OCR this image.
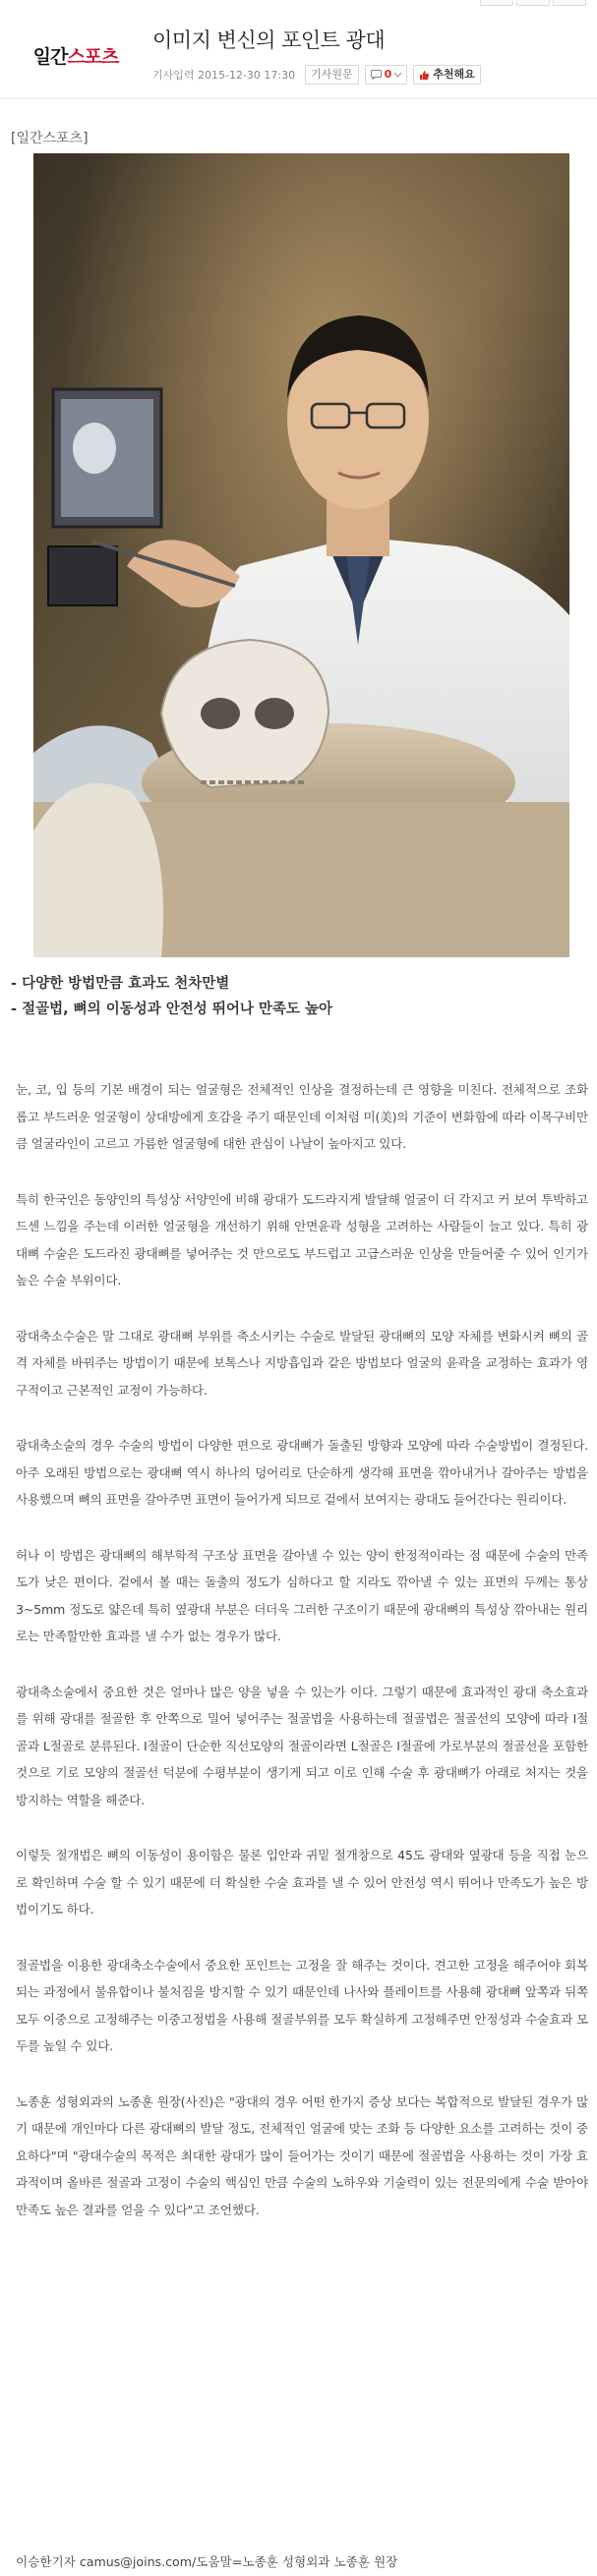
일간 스포츠
이미지 변신의 포인트 광대
기사입력 2015-12-30 17:30 기사원문	0	추천해요
[일간스포츠]
- 다양한 방법만큼 효과도 천차만별
- 절골법, 뼈의 이동성과 안전성 뛰어나 만족도 높아

눈, 코, 입 등의 기본 배경이 되는 얼굴형은 전체적인 인상을 결정하는데 큰 영향을 미친다. 전체적으로 조화롭고 부드러운 얼굴형이 상대방에게 호감을 주기 때문인데 이처럼 미(美)의 기준이 변화함에 따라 이목구비만큼 얼굴라인이 고르고 가름한 얼굴형에 대한 관심이 나날이 높아지고 있다.

특히 한국인은 동양인의 특성상 서양인에 비해 광대가 도드라지게 발달해 얼굴이 더 각지고 커 보여 투박하고 드센 느낌을 주는데 이러한 얼굴형을 개선하기 위해 안면윤곽 성형을 고려하는 사람들이 늘고 있다. 특히 광대뼈 수술은 도드라진 광대뼈를 넣어주는 것 만으로도 부드럽고 고급스러운 인상을 만들어줄 수 있어 인기가 높은 수술 부위이다.

광대축소수술은 말 그대로 광대뼈 부위를 축소시키는 수술로 발달된 광대뼈의 모양 자체를 변화시켜 뼈의 골격 자체를 바꿔주는 방법이기 때문에 보톡스나 지방흡입과 같은 방법보다 얼굴의 윤곽을 교정하는 효과가 영구적이고 근본적인 교정이 가능하다.

광대축소술의 경우 수술의 방법이 다양한 편으로 광대뼈가 돌출된 방향과 모양에 따라 수술방법이 결정된다. 아주 오래된 방법으로는 광대뼈 역시 하나의 덩어리로 단순하게 생각해 표면을 깎아내거나 갈아주는 방법을 사용했으며 뼈의 표면을 갈아주면 표면이 들어가게 되므로 겉에서 보여지는 광대도 들어간다는 원리이다.

허나 이 방법은 광대뼈의 해부학적 구조상 표면을 갈아낼 수 있는 양이 한정적이라는 점 때문에 수술의 만족도가 낮은 편이다. 겉에서 볼 때는 돌출의 정도가 심하다고 할 지라도 깎아낼 수 있는 표면의 두께는 통상 3~5mm 정도로 얇은데 특히 옆광대 부분은 더더욱 그러한 구조이기 때문에 광대뼈의 특성상 깎아내는 원리로는 만족할만한 효과를 낼 수가 없는 경우가 많다.

광대축소술에서 중요한 것은 얼마나 많은 양을 넣을 수 있는가 이다. 그렇기 때문에 효과적인 광대 축소효과를 위해 광대를 절골한 후 안쪽으로 밀어 넣어주는 절골법을 사용하는데 절골법은 절골선의 모양에 따라 I절골과 L절골로 분류된다. I절골이 단순한 직선모양의 절골이라면 L절골은 I절골에 가로부분의 절골선을 포함한 것으로 기로 모양의 절골선 덕분에 수평부분이 생기게 되고 이로 인해 수술 후 광대뼈가 아래로 처지는 것을 방지하는 역할을 해준다.

이렇듯 절개법은 뼈의 이동성이 용이함은 물론 입안과 귀밑 절개창으로 45도 광대와 옆광대 등을 직접 눈으로 확인하며 수술 할 수 있기 때문에 더 확실한 수술 효과를 낼 수 있어 안전성 역시 뛰어나 만족도가 높은 방법이기도 하다.

절골법을 이용한 광대축소수술에서 중요한 포인트는 고정을 잘 해주는 것이다. 견고한 고정을 해주어야 회복되는 과정에서 불유합이나 불처짐을 방지할 수 있기 때문인데 나사와 플레이트를 사용해 광대뼈 앞쪽과 뒤쪽 모두 이중으로 고정해주는 이중고정법을 사용해 절골부위를 모두 확실하게 고정해주면 안정성과 수술효과 모두를 높일 수 있다.

노종훈 성형외과의 노종훈 원장(사진)은 "광대의 경우 어떤 한가지 증상 보다는 복합적으로 발달된 경우가 많기 때문에 개인마다 다른 광대뼈의 발달 정도, 전체적인 얼굴에 맞는 조화 등 다양한 요소를 고려하는 것이 중요하다"며 "광대수술의 목적은 최대한 광대가 많이 들어가는 것이기 때문에 절골법을 사용하는 것이 가장 효과적이며 올바른 절골과 고정이 수술의 핵심인 만큼 수술의 노하우와 기술력이 있는 전문의에게 수술 받아야 만족도 높은 결과를 얻을 수 있다"고 조언했다.

이승한기자 camus@joins.com/도움말=노종훈 성형외과 노종훈 원장
